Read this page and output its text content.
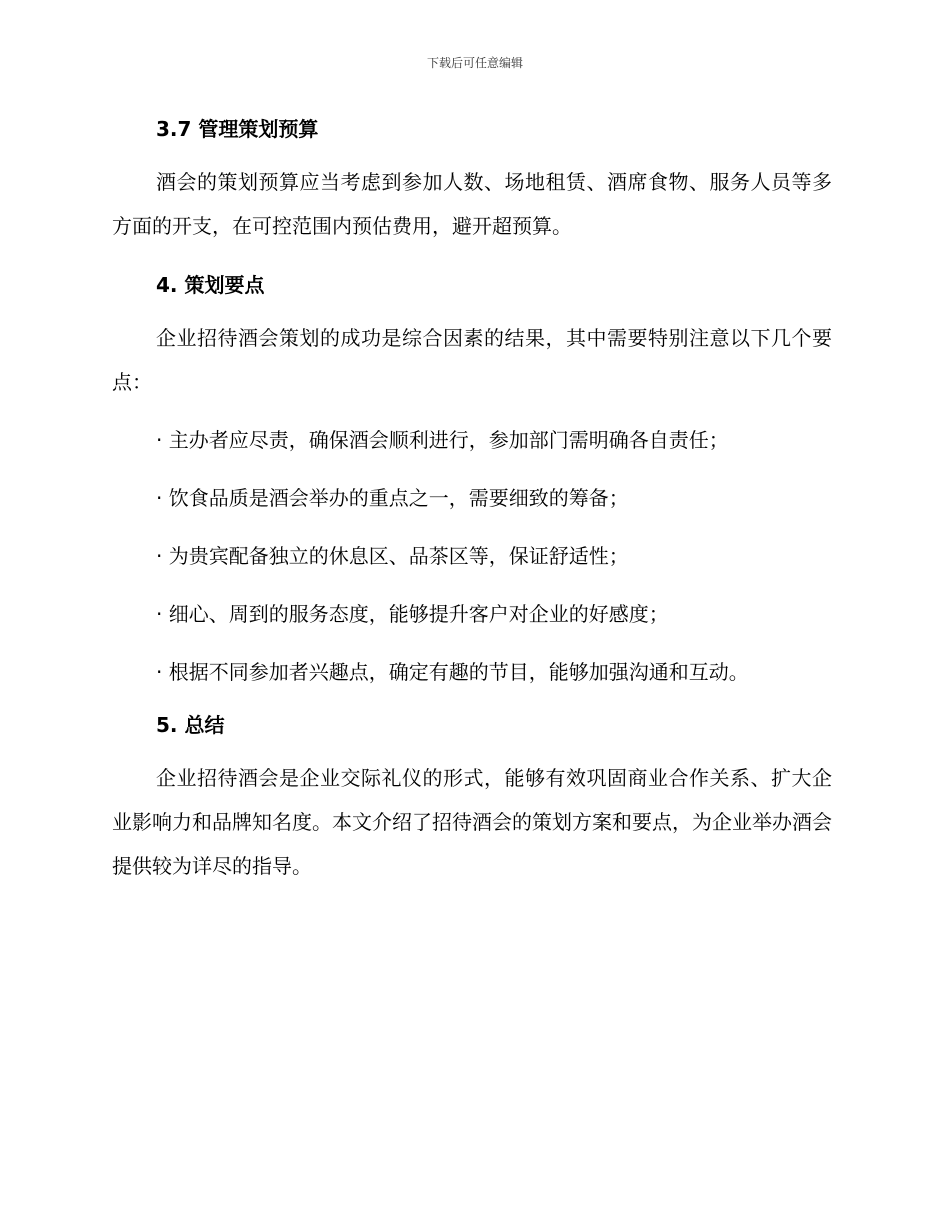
下载后可任意编辑
3.7 管理策划预算

酒会的策划预算应当考虑到参加人数、场地租赁、酒席食物、服务人员等多方面的开支，在可控范围内预估费用，避开超预算。

4. 策划要点

企业招待酒会策划的成功是综合因素的结果，其中需要特别注意以下几个要点：

· 主办者应尽责，确保酒会顺利进行，参加部门需明确各自责任；

· 饮食品质是酒会举办的重点之一，需要细致的筹备；

· 为贵宾配备独立的休息区、品茶区等，保证舒适性；

· 细心、周到的服务态度，能够提升客户对企业的好感度；

· 根据不同参加者兴趣点，确定有趣的节目，能够加强沟通和互动。

5. 总结

企业招待酒会是企业交际礼仪的形式，能够有效巩固商业合作关系、扩大企业影响力和品牌知名度。本文介绍了招待酒会的策划方案和要点，为企业举办酒会提供较为详尽的指导。
